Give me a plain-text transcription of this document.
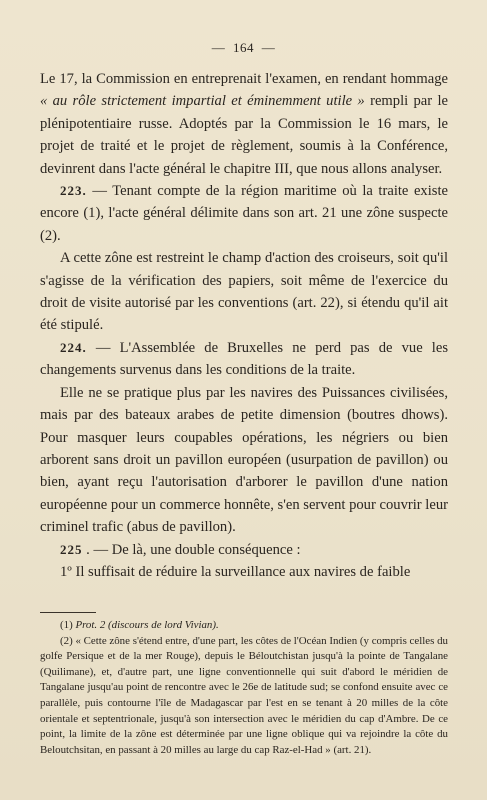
— 164 —

Le 17, la Commission en entreprenait l'examen, en rendant hommage « au rôle strictement impartial et éminemment utile » rempli par le plénipotentiaire russe. Adoptés par la Commission le 16 mars, le projet de traité et le projet de règlement, soumis à la Conférence, devinrent dans l'acte général le chapitre III, que nous allons analyser.

223. — Tenant compte de la région maritime où la traite existe encore (1), l'acte général délimite dans son art. 21 une zône suspecte (2).

A cette zône est restreint le champ d'action des croiseurs, soit qu'il s'agisse de la vérification des papiers, soit même de l'exercice du droit de visite autorisé par les conventions (art. 22), si étendu qu'il ait été stipulé.

224. — L'Assemblée de Bruxelles ne perd pas de vue les changements survenus dans les conditions de la traite.

Elle ne se pratique plus par les navires des Puissances civilisées, mais par des bateaux arabes de petite dimension (boutres dhows). Pour masquer leurs coupables opérations, les négriers ou bien arborent sans droit un pavillon européen (usurpation de pavillon) ou bien, ayant reçu l'autorisation d'arborer le pavillon d'une nation européenne pour un commerce honnête, s'en servent pour couvrir leur criminel trafic (abus de pavillon).

225 . — De là, une double conséquence :

1º Il suffisait de réduire la surveillance aux navires de faible

(1) Prot. 2 (discours de lord Vivian).

(2) « Cette zône s'étend entre, d'une part, les côtes de l'Océan Indien (y compris celles du golfe Persique et de la mer Rouge), depuis le Béloutchistan jusqu'à la pointe de Tangalane (Quilimane), et, d'autre part, une ligne conventionnelle qui suit d'abord le méridien de Tangalane jusqu'au point de rencontre avec le 26e de latitude sud; se confond ensuite avec ce parallèle, puis contourne l'île de Madagascar par l'est en se tenant à 20 milles de la côte orientale et septentrionale, jusqu'à son intersection avec le méridien du cap d'Ambre. De ce point, la limite de la zône est déterminée par une ligne oblique qui va rejoindre la côte du Beloutchsitan, en passant à 20 milles au large du cap Raz-el-Had » (art. 21).
